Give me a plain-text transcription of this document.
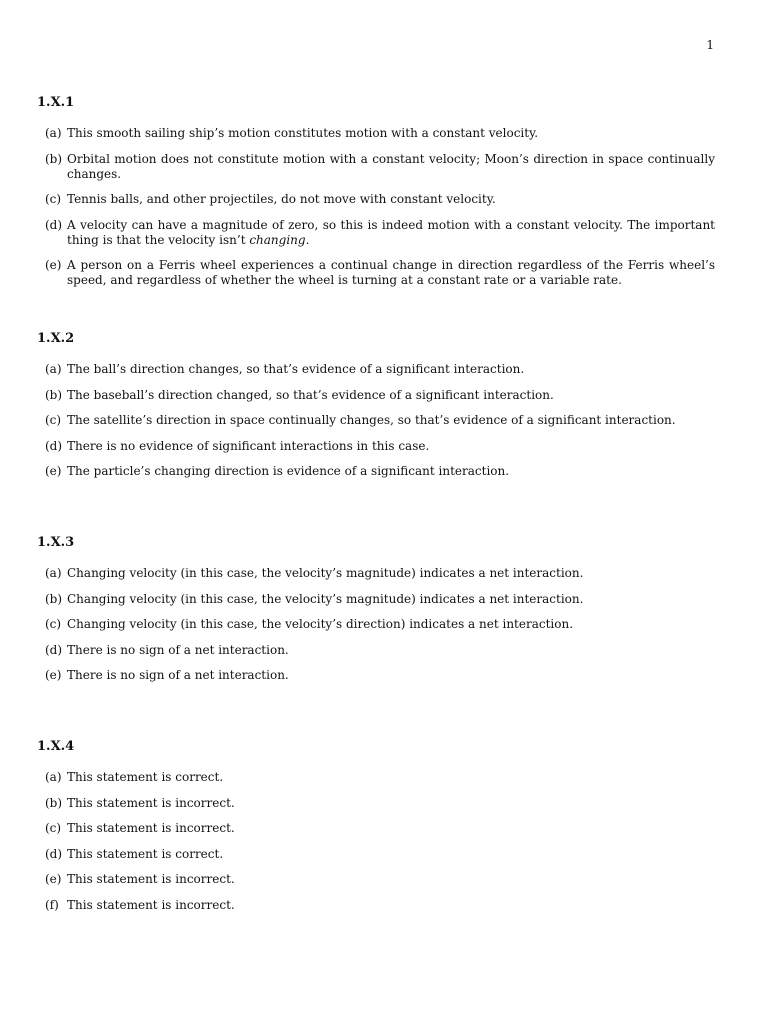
1
1.X.1
(a) This smooth sailing ship’s motion constitutes motion with a constant velocity.
(b) Orbital motion does not constitute motion with a constant velocity; Moon’s direction in space continually changes.
(c) Tennis balls, and other projectiles, do not move with constant velocity.
(d) A velocity can have a magnitude of zero, so this is indeed motion with a constant velocity. The important thing is that the velocity isn’t changing.
(e) A person on a Ferris wheel experiences a continual change in direction regardless of the Ferris wheel’s speed, and regardless of whether the wheel is turning at a constant rate or a variable rate.
1.X.2
(a) The ball’s direction changes, so that’s evidence of a significant interaction.
(b) The baseball’s direction changed, so that’s evidence of a significant interaction.
(c) The satellite’s direction in space continually changes, so that’s evidence of a significant interaction.
(d) There is no evidence of significant interactions in this case.
(e) The particle’s changing direction is evidence of a significant interaction.
1.X.3
(a) Changing velocity (in this case, the velocity’s magnitude) indicates a net interaction.
(b) Changing velocity (in this case, the velocity’s magnitude) indicates a net interaction.
(c) Changing velocity (in this case, the velocity’s direction) indicates a net interaction.
(d) There is no sign of a net interaction.
(e) There is no sign of a net interaction.
1.X.4
(a) This statement is correct.
(b) This statement is incorrect.
(c) This statement is incorrect.
(d) This statement is correct.
(e) This statement is incorrect.
(f) This statement is incorrect.
